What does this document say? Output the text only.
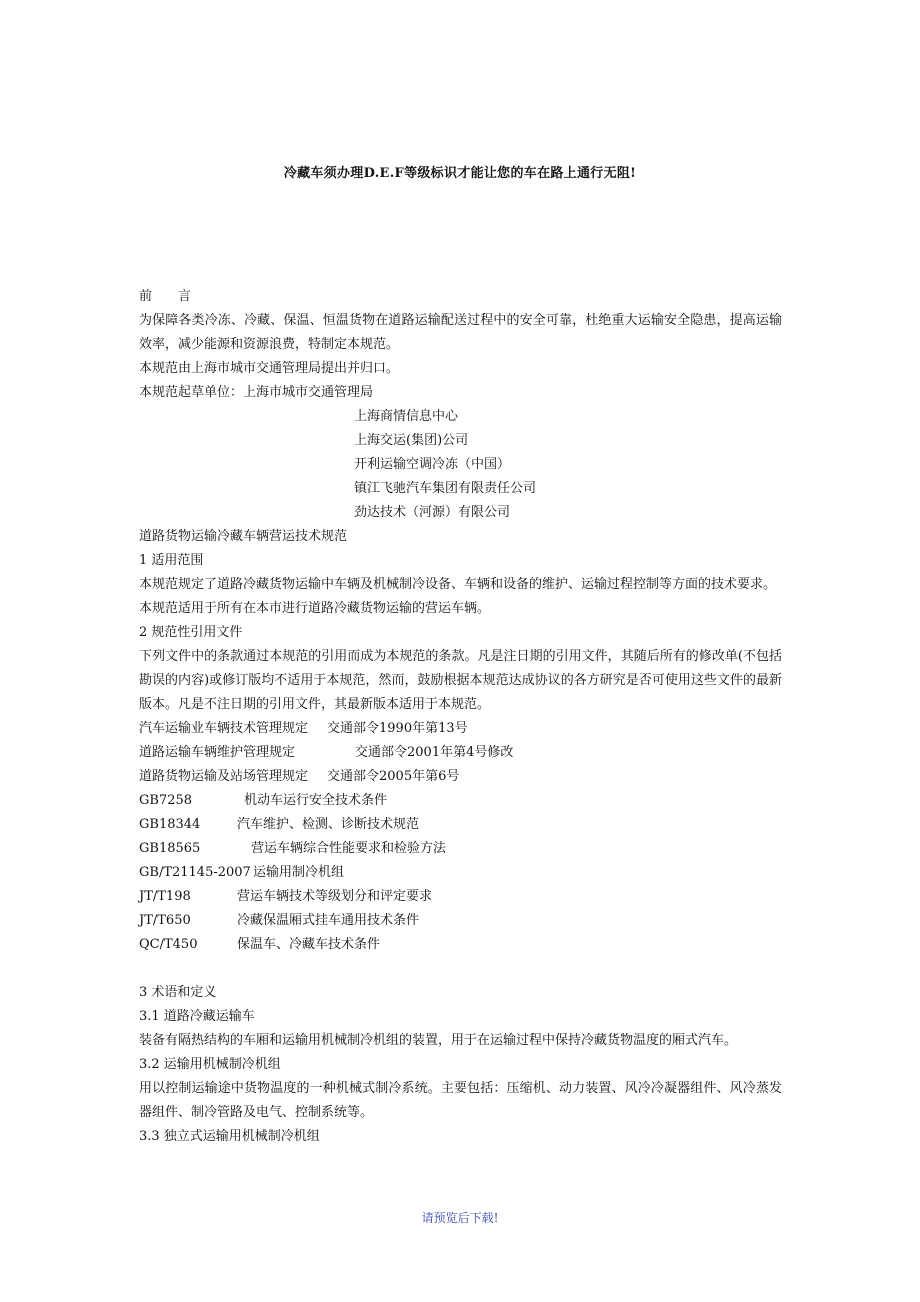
冷藏车须办理D.E.F等级标识才能让您的车在路上通行无阻!
前　　言
为保障各类冷冻、冷藏、保温、恒温货物在道路运输配送过程中的安全可靠，杜绝重大运输安全隐患，提高运输效率，减少能源和资源浪费，特制定本规范。
本规范由上海市城市交通管理局提出并归口。
本规范起草单位：上海市城市交通管理局
上海商情信息中心
上海交运(集团)公司
开利运输空调冷冻（中国）
镇江飞驰汽车集团有限责任公司
劲达技术（河源）有限公司
道路货物运输冷藏车辆营运技术规范
1 适用范围
本规范规定了道路冷藏货物运输中车辆及机械制冷设备、车辆和设备的维护、运输过程控制等方面的技术要求。
本规范适用于所有在本市进行道路冷藏货物运输的营运车辆。
2 规范性引用文件
下列文件中的条款通过本规范的引用而成为本规范的条款。凡是注日期的引用文件，其随后所有的修改单(不包括勘误的内容)或修订版均不适用于本规范，然而，鼓励根据本规范达成协议的各方研究是否可使用这些文件的最新版本。凡是不注日期的引用文件，其最新版本适用于本规范。
汽车运输业车辆技术管理规定	交通部令1990年第13号
道路运输车辆维护管理规定	交通部令2001年第4号修改
道路货物运输及站场管理规定	交通部令2005年第6号
GB7258	机动车运行安全技术条件
GB18344	汽车维护、检测、诊断技术规范
GB18565	营运车辆综合性能要求和检验方法
GB/T21145-2007 运输用制冷机组
JT/T198	营运车辆技术等级划分和评定要求
JT/T650	冷藏保温厢式挂车通用技术条件
QC/T450	保温车、冷藏车技术条件
3 术语和定义
3.1 道路冷藏运输车
装备有隔热结构的车厢和运输用机械制冷机组的装置，用于在运输过程中保持冷藏货物温度的厢式汽车。
3.2 运输用机械制冷机组
用以控制运输途中货物温度的一种机械式制冷系统。主要包括：压缩机、动力装置、风冷冷凝器组件、风冷蒸发器组件、制冷管路及电气、控制系统等。
3.3 独立式运输用机械制冷机组
请预览后下载!
